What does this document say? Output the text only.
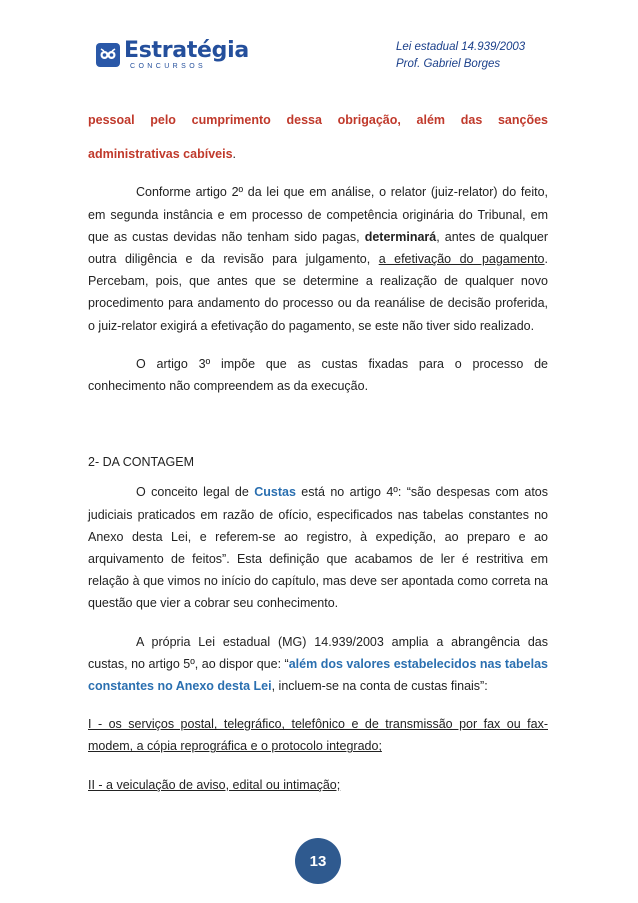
Estratégia
CONCURSOS
Lei estadual 14.939/2003
Prof. Gabriel Borges

pessoal pelo cumprimento dessa obrigação, além das sanções

administrativas cabíveis.

Conforme artigo 2º da lei que em análise, o relator (juiz-relator) do feito, em segunda instância e em processo de competência originária do Tribunal, em que as custas devidas não tenham sido pagas, determinará, antes de qualquer outra diligência e da revisão para julgamento, a efetivação do pagamento. Percebam, pois, que antes que se determine a realização de qualquer novo procedimento para andamento do processo ou da reanálise de decisão proferida, o juiz-relator exigirá a efetivação do pagamento, se este não tiver sido realizado.

O artigo 3º impõe que as custas fixadas para o processo de conhecimento não compreendem as da execução.

2- DA CONTAGEM

O conceito legal de Custas está no artigo 4º: “são despesas com atos judiciais praticados em razão de ofício, especificados nas tabelas constantes no Anexo desta Lei, e referem-se ao registro, à expedição, ao preparo e ao arquivamento de feitos”. Esta definição que acabamos de ler é restritiva em relação à que vimos no início do capítulo, mas deve ser apontada como correta na questão que vier a cobrar seu conhecimento.

A própria Lei estadual (MG) 14.939/2003 amplia a abrangência das custas, no artigo 5º, ao dispor que: “além dos valores estabelecidos nas tabelas constantes no Anexo desta Lei, incluem-se na conta de custas finais”:

I - os serviços postal, telegráfico, telefônico e de transmissão por fax ou fax-modem, a cópia reprográfica e o protocolo integrado;

II - a veiculação de aviso, edital ou intimação;

13
